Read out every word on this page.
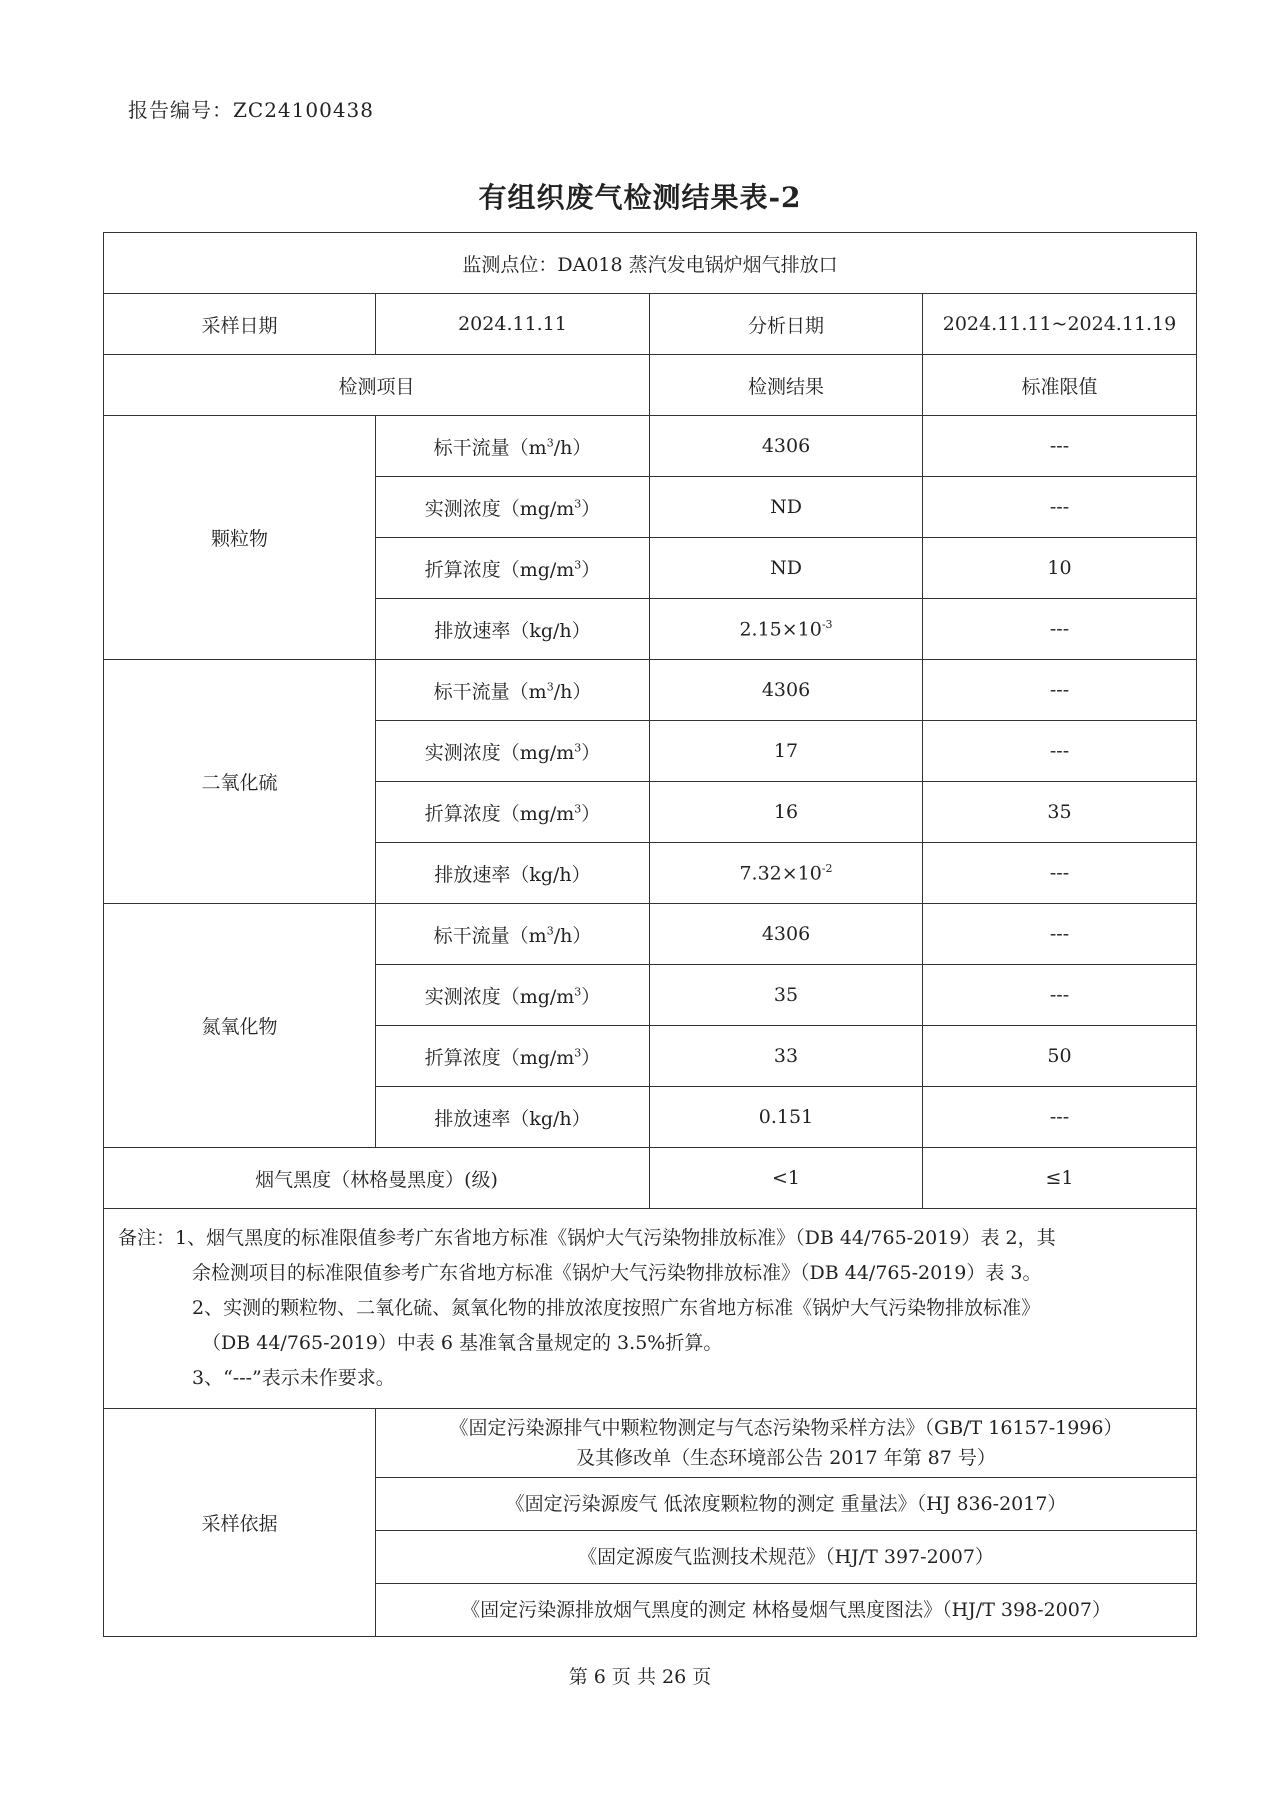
报告编号：ZC24100438
有组织废气检测结果表-2
监测点位：DA018 蒸汽发电锅炉烟气排放口			
采样日期	2024.11.11	分析日期	2024.11.11~2024.11.19
检测项目		检测结果	标准限值
颗粒物	标干流量$(m^3/h)$	4306	---
	实测浓度$(mg/m^3)$	ND	---
	折算浓度$(mg/m^3)$	ND	10
	排放速率（kg/h）	$2.15\times 10^{-3}$	---
二氧化硫	标干流量$(m^3/h)$	4306	---
	实测浓度$(mg/m^3)$	17	---
	折算浓度$(mg/m^3)$	16	35
	排放速率（kg/h）	$7.32\times 10^{-2}$	---
氮氧化物	标干流量$(m^3/h)$	4306	---
	实测浓度$(mg/m^3)$	35	---
	折算浓度$(mg/m^3)$	33	50
	排放速率（kg/h）	0.151	---
烟气黑度（林格曼黑度）(级)		<1	≤1

备注：1、烟气黑度的标准限值参考广东省地方标准《锅炉大气污染物排放标准》（DB 44/765-2019）表 2，其
余检测项目的标准限值参考广东省地方标准《锅炉大气污染物排放标准》（DB 44/765-2019）表 3。
2、实测的颗粒物、二氧化硫、氮氧化物的排放浓度按照广东省地方标准《锅炉大气污染物排放标准》
（DB 44/765-2019）中表 6 基准氧含量规定的 3.5%折算。
3、“---”表示未作要求。			

采样依据	《固定污染源排气中颗粒物测定与气态污染物采样方法》（GB/T 16157-1996）
及其修改单（生态环境部公告 2017 年第 87 号）		

	《固定污染源废气 低浓度颗粒物的测定 重量法》（HJ 836-2017）		
	《固定源废气监测技术规范》（HJ/T 397-2007）		
	《固定污染源排放烟气黑度的测定 林格曼烟气黑度图法》（HJ/T 398-2007）		
第 6 页 共 26 页
